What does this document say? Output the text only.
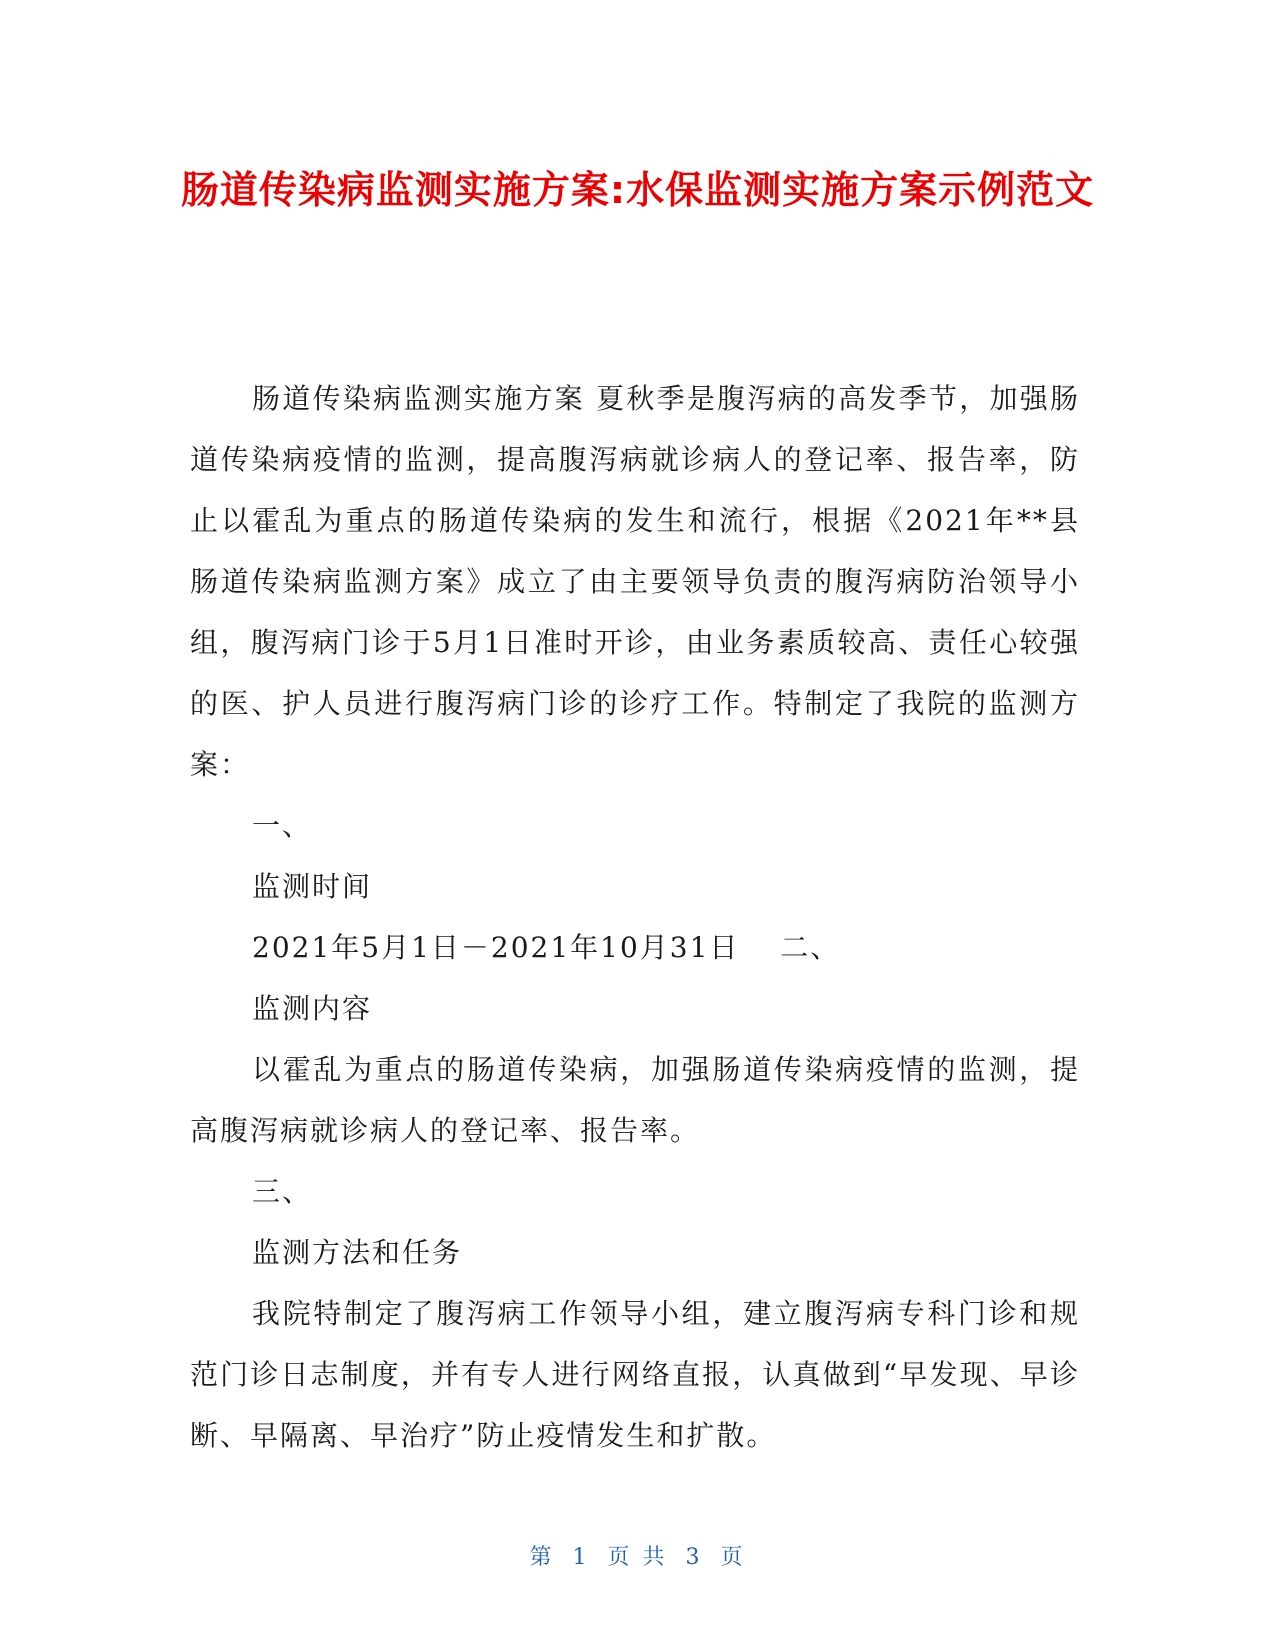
肠道传染病监测实施方案:水保监测实施方案示例范文

肠道传染病监测实施方案 夏秋季是腹泻病的高发季节，加强肠道传染病疫情的监测，提高腹泻病就诊病人的登记率、报告率，防止以霍乱为重点的肠道传染病的发生和流行，根据《2021年**县肠道传染病监测方案》成立了由主要领导负责的腹泻病防治领导小组，腹泻病门诊于5月1日准时开诊，由业务素质较高、责任心较强的医、护人员进行腹泻病门诊的诊疗工作。特制定了我院的监测方案：

一、

监测时间

2021年5月1日－2021年10月31日　 二、

监测内容

以霍乱为重点的肠道传染病，加强肠道传染病疫情的监测，提高腹泻病就诊病人的登记率、报告率。

三、

监测方法和任务

我院特制定了腹泻病工作领导小组，建立腹泻病专科门诊和规范门诊日志制度，并有专人进行网络直报，认真做到“早发现、早诊断、早隔离、早治疗”防止疫情发生和扩散。

第 1 页 共 3 页
